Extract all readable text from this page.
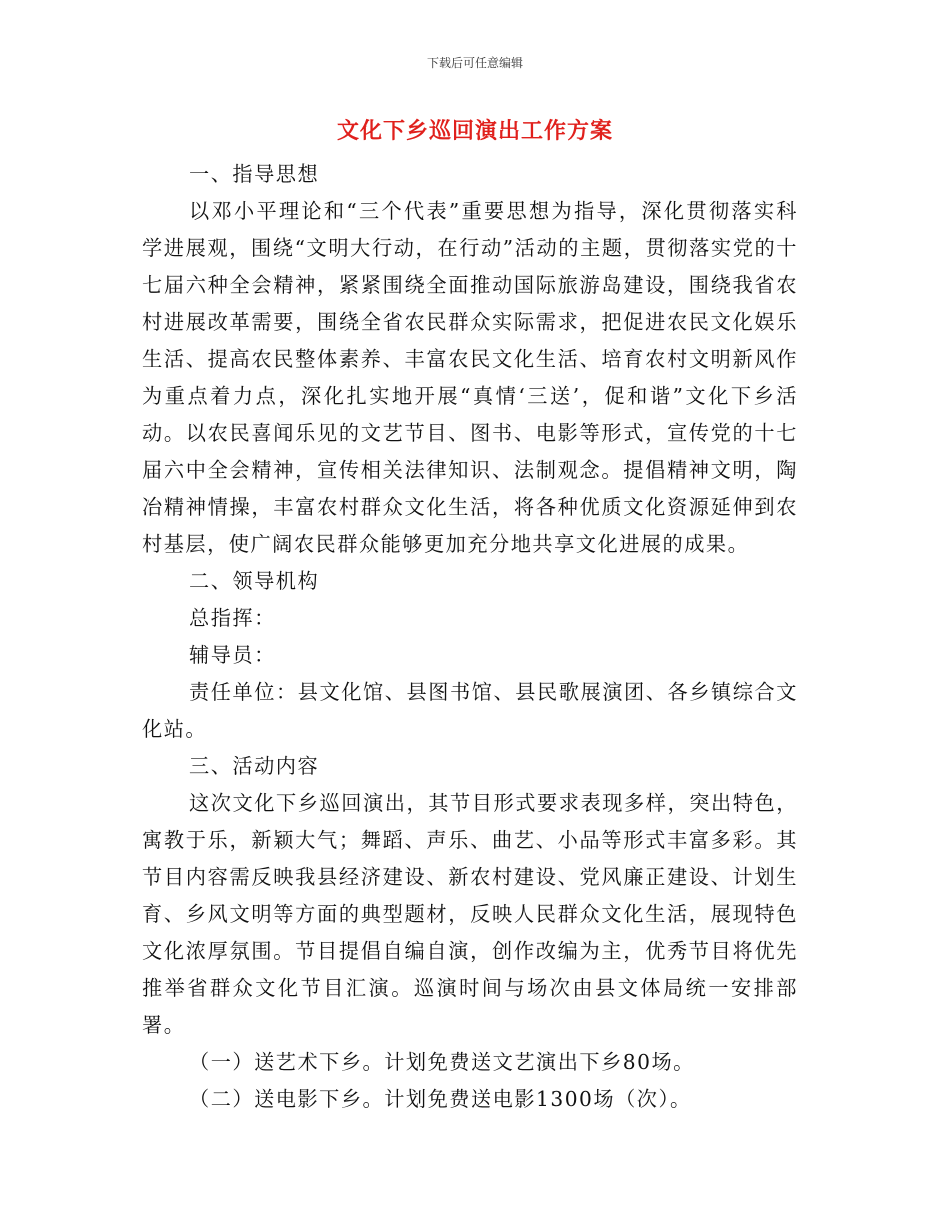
下载后可任意编辑
文化下乡巡回演出工作方案

一、指导思想

以邓小平理论和“三个代表”重要思想为指导，深化贯彻落实科学进展观，围绕“文明大行动，在行动”活动的主题，贯彻落实党的十七届六种全会精神，紧紧围绕全面推动国际旅游岛建设，围绕我省农村进展改革需要，围绕全省农民群众实际需求，把促进农民文化娱乐生活、提高农民整体素养、丰富农民文化生活、培育农村文明新风作为重点着力点，深化扎实地开展“真情‘三送’，促和谐”文化下乡活动。以农民喜闻乐见的文艺节目、图书、电影等形式，宣传党的十七届六中全会精神，宣传相关法律知识、法制观念。提倡精神文明，陶冶精神情操，丰富农村群众文化生活，将各种优质文化资源延伸到农村基层，使广阔农民群众能够更加充分地共享文化进展的成果。

二、领导机构

总指挥：

辅导员：

责任单位：县文化馆、县图书馆、县民歌展演团、各乡镇综合文化站。

三、活动内容

这次文化下乡巡回演出，其节目形式要求表现多样，突出特色，寓教于乐，新颖大气；舞蹈、声乐、曲艺、小品等形式丰富多彩。其节目内容需反映我县经济建设、新农村建设、党风廉正建设、计划生育、乡风文明等方面的典型题材，反映人民群众文化生活，展现特色文化浓厚氛围。节目提倡自编自演，创作改编为主，优秀节目将优先推举省群众文化节目汇演。巡演时间与场次由县文体局统一安排部署。

（一）送艺术下乡。计划免费送文艺演出下乡80场。

（二）送电影下乡。计划免费送电影1300场（次）。
